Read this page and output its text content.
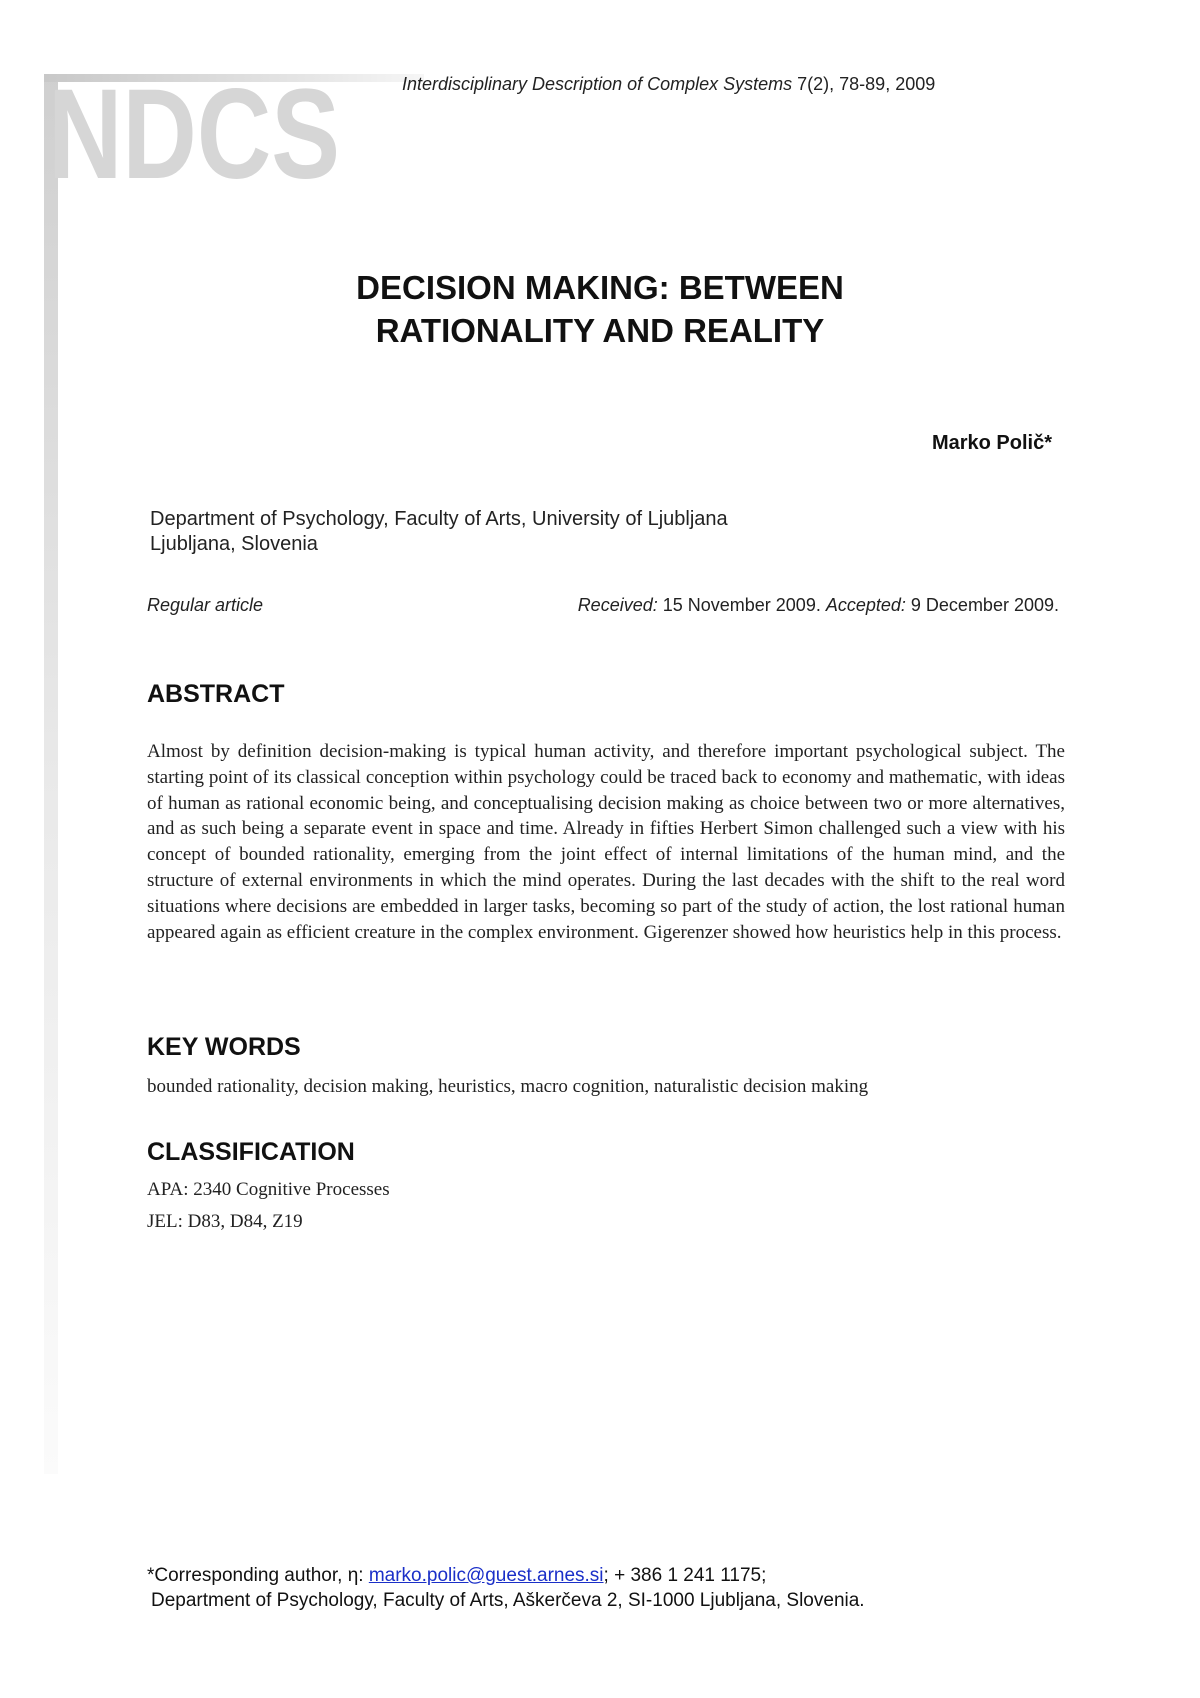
NDCS	Interdisciplinary Description of Complex Systems 7(2), 78-89, 2009
DECISION MAKING: BETWEEN
RATIONALITY AND REALITY
Marko Polič*
Department of Psychology, Faculty of Arts, University of Ljubljana
Ljubljana, Slovenia
Regular article	Received: 15 November 2009. Accepted: 9 December 2009.
ABSTRACT
Almost by definition decision-making is typical human activity, and therefore important psychological subject. The starting point of its classical conception within psychology could be traced back to economy and mathematic, with ideas of human as rational economic being, and conceptualising decision making as choice between two or more alternatives, and as such being a separate event in space and time. Already in fifties Herbert Simon challenged such a view with his concept of bounded rationality, emerging from the joint effect of internal limitations of the human mind, and the structure of external environments in which the mind operates. During the last decades with the shift to the real word situations where decisions are embedded in larger tasks, becoming so part of the study of action, the lost rational human appeared again as efficient creature in the complex environment. Gigerenzer showed how heuristics help in this process.
KEY WORDS
bounded rationality, decision making, heuristics, macro cognition, naturalistic decision making
CLASSIFICATION
APA: 2340 Cognitive Processes
JEL: D83, D84, Z19
*Corresponding author, η: marko.polic@guest.arnes.si; + 386 1 241 1175;
Department of Psychology, Faculty of Arts, Aškerčeva 2, SI-1000 Ljubljana, Slovenia.
